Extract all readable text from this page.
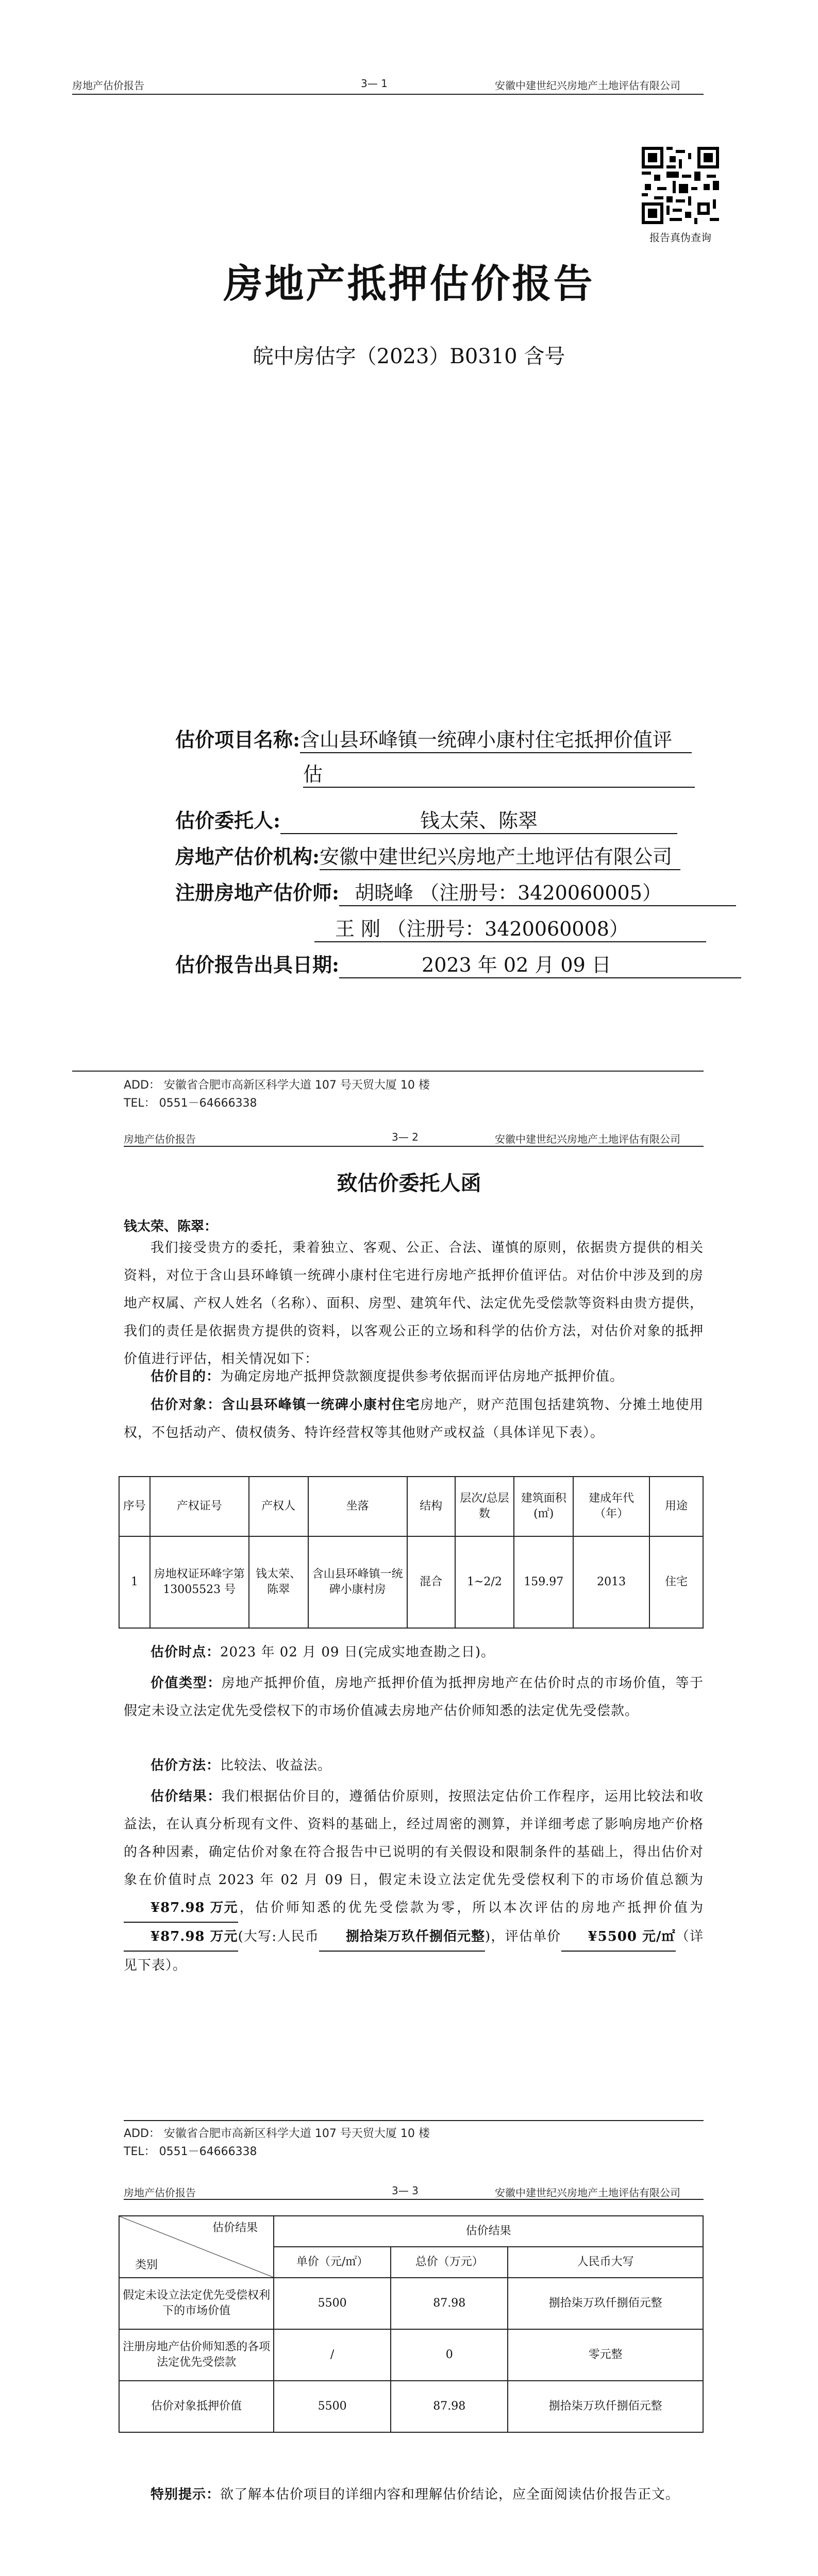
房地产估价报告	3— 1	安徽中建世纪兴房地产土地评估有限公司
报告真伪查询
房地产抵押估价报告
皖中房估字（2023）B0310 含号
估价项目名称:含山县环峰镇一统碑小康村住宅抵押价值评
估
估价委托人:	钱太荣、陈翠
房地产估价机构:安徽中建世纪兴房地产土地评估有限公司
注册房地产估价师: 胡晓峰 （注册号：3420060005）
王 刚 （注册号：3420060008）
估价报告出具日期:	2023 年 02 月 09 日
ADD： 安徽省合肥市高新区科学大道 107 号天贸大厦 10 楼
TEL： 0551－64666338
房地产估价报告	3— 2	安徽中建世纪兴房地产土地评估有限公司
致估价委托人函
钱太荣、陈翠：
我们接受贵方的委托，秉着独立、客观、公正、合法、谨慎的原则，依据贵方提供的相关资料，对位于含山县环峰镇一统碑小康村住宅进行房地产抵押价值评估。对估价中涉及到的房地产权属、产权人姓名（名称）、面积、房型、建筑年代、法定优先受偿款等资料由贵方提供，我们的责任是依据贵方提供的资料，以客观公正的立场和科学的估价方法，对估价对象的抵押价值进行评估，相关情况如下：
估价目的：为确定房地产抵押贷款额度提供参考依据而评估房地产抵押价值。
估价对象：含山县环峰镇一统碑小康村住宅房地产，财产范围包括建筑物、分摊土地使用权，不包括动产、债权债务、特许经营权等其他财产或权益（具体详见下表）。
序号	产权证号	产权人	坐落	结构	层次/总层数	建筑面积(㎡)	建成年代（年）	用途
1	房地权证环峰字第 13005523 号	钱太荣、陈翠	含山县环峰镇一统碑小康村房	混合	1~2/2	159.97	2013	住宅
估价时点：2023 年 02 月 09 日(完成实地查勘之日)。
价值类型：房地产抵押价值，房地产抵押价值为抵押房地产在估价时点的市场价值，等于假定未设立法定优先受偿权下的市场价值减去房地产估价师知悉的法定优先受偿款。
估价方法：比较法、收益法。
估价结果：我们根据估价目的，遵循估价原则，按照法定估价工作程序，运用比较法和收益法，在认真分析现有文件、资料的基础上，经过周密的测算，并详细考虑了影响房地产价格的各种因素，确定估价对象在符合报告中已说明的有关假设和限制条件的基础上，得出估价对象在价值时点 2023 年 02 月 09 日，假定未设立法定优先受偿权利下的市场价值总额为¥87.98 万元，估价师知悉的优先受偿款为零，所以本次评估的房地产抵押价值为¥87.98 万元(大写:人民币 捌拾柒万玖仟捌佰元整)，评估单价 ¥5500 元/㎡（详见下表）。
ADD： 安徽省合肥市高新区科学大道 107 号天贸大厦 10 楼
TEL： 0551－64666338
房地产估价报告	3— 3	安徽中建世纪兴房地产土地评估有限公司
估价结果
类别	估价结果		
	单价（元/㎡）	总价（万元）	人民币大写
假定未设立法定优先受偿权利下的市场价值	5500	87.98	捌拾柒万玖仟捌佰元整
注册房地产估价师知悉的各项法定优先受偿款	/	0	零元整
估价对象抵押价值	5500	87.98	捌拾柒万玖仟捌佰元整
特别提示：欲了解本估价项目的详细内容和理解估价结论，应全面阅读估价报告正文。
